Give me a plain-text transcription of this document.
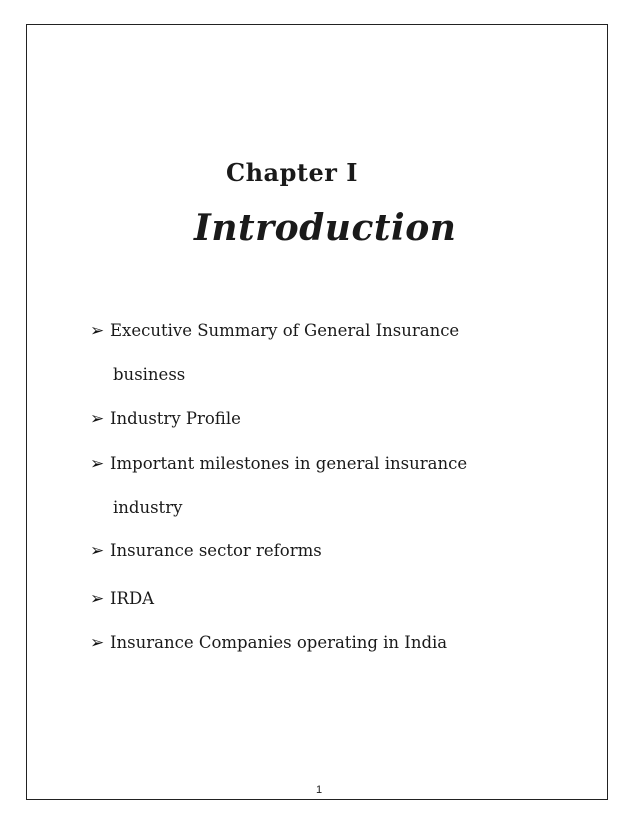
Chapter I
Introduction
➢ Executive Summary of General Insurance
business
➢ Industry Profile
➢ Important milestones in general insurance
industry
➢ Insurance sector reforms
➢ IRDA
➢ Insurance Companies operating in India
1
